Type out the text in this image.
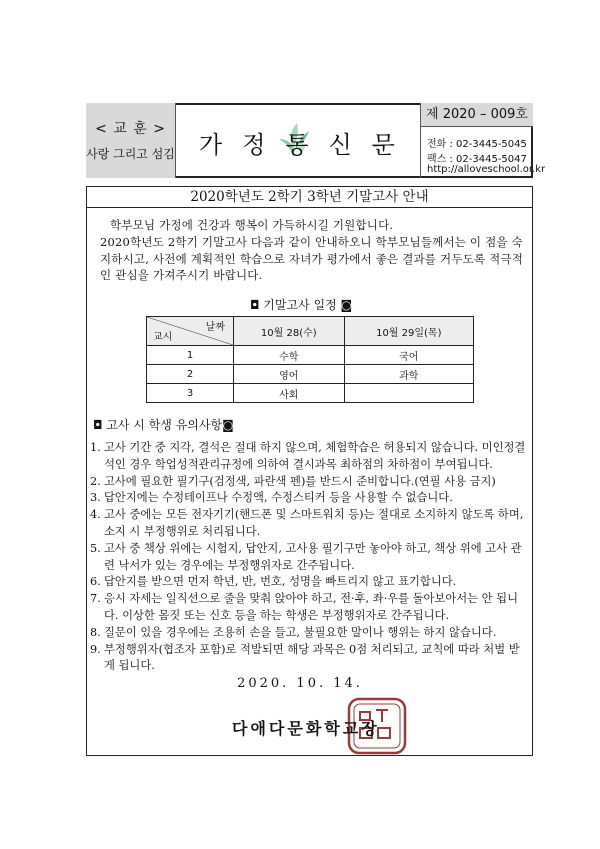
< 교 훈 >
사랑 그리고 섬김	가정통신문
제 2020 – 009호
전화 : 02-3445-5045
팩스 : 02-3445-5047
http://alloveschool.or.kr
2020학년도 2학기 3학년 기말고사 안내
학부모님 가정에 건강과 행복이 가득하시길 기원합니다.
2020학년도 2학기 기말고사 다음과 같이 안내하오니 학부모님들께서는 이 점을 숙지하시고, 사전에 계획적인 학습으로 자녀가 평가에서 좋은 결과를 거두도록 적극적인 관심을 가져주시기 바랍니다.
◘ 기말고사 일정 ◙
날짜
교시	10월 28(수)	10월 29일(목)
1	수학	국어
2	영어	과학
3	사회	
◘ 고사 시 학생 유의사항◙
1. 고사 기간 중 지각, 결석은 절대 하지 않으며, 체험학습은 허용되지 않습니다. 미인정결석인 경우 학업성적관리규정에 의하여 결시과목 최하점의 차하점이 부여됩니다.
2. 고사에 필요한 필기구(검정색, 파란색 펜)를 반드시 준비합니다.(연필 사용 금지)
3. 답안지에는 수정테이프나 수정액, 수정스티커 등을 사용할 수 없습니다.
4. 고사 중에는 모든 전자기기(핸드폰 및 스마트워치 등)는 절대로 소지하지 않도록 하며, 소지 시 부정행위로 처리됩니다.
5. 고사 중 책상 위에는 시험지, 답안지, 고사용 필기구만 놓아야 하고, 책상 위에 고사 관련 낙서가 있는 경우에는 부정행위자로 간주됩니다.
6. 답안지를 받으면 먼저 학년, 반, 번호, 성명을 빠트리지 않고 표기합니다.
7. 응시 자세는 일직선으로 줄을 맞춰 앉아야 하고, 전·후, 좌·우를 돌아보아서는 안 됩니다. 이상한 몸짓 또는 신호 등을 하는 학생은 부정행위자로 간주됩니다.
8. 질문이 있을 경우에는 조용히 손을 들고, 불필요한 말이나 행위는 하지 않습니다.
9. 부정행위자(협조자 포함)로 적발되면 해당 과목은 0점 처리되고, 교칙에 따라 처벌 받게 됩니다.
2020. 10. 14.
다애다문화학교장
